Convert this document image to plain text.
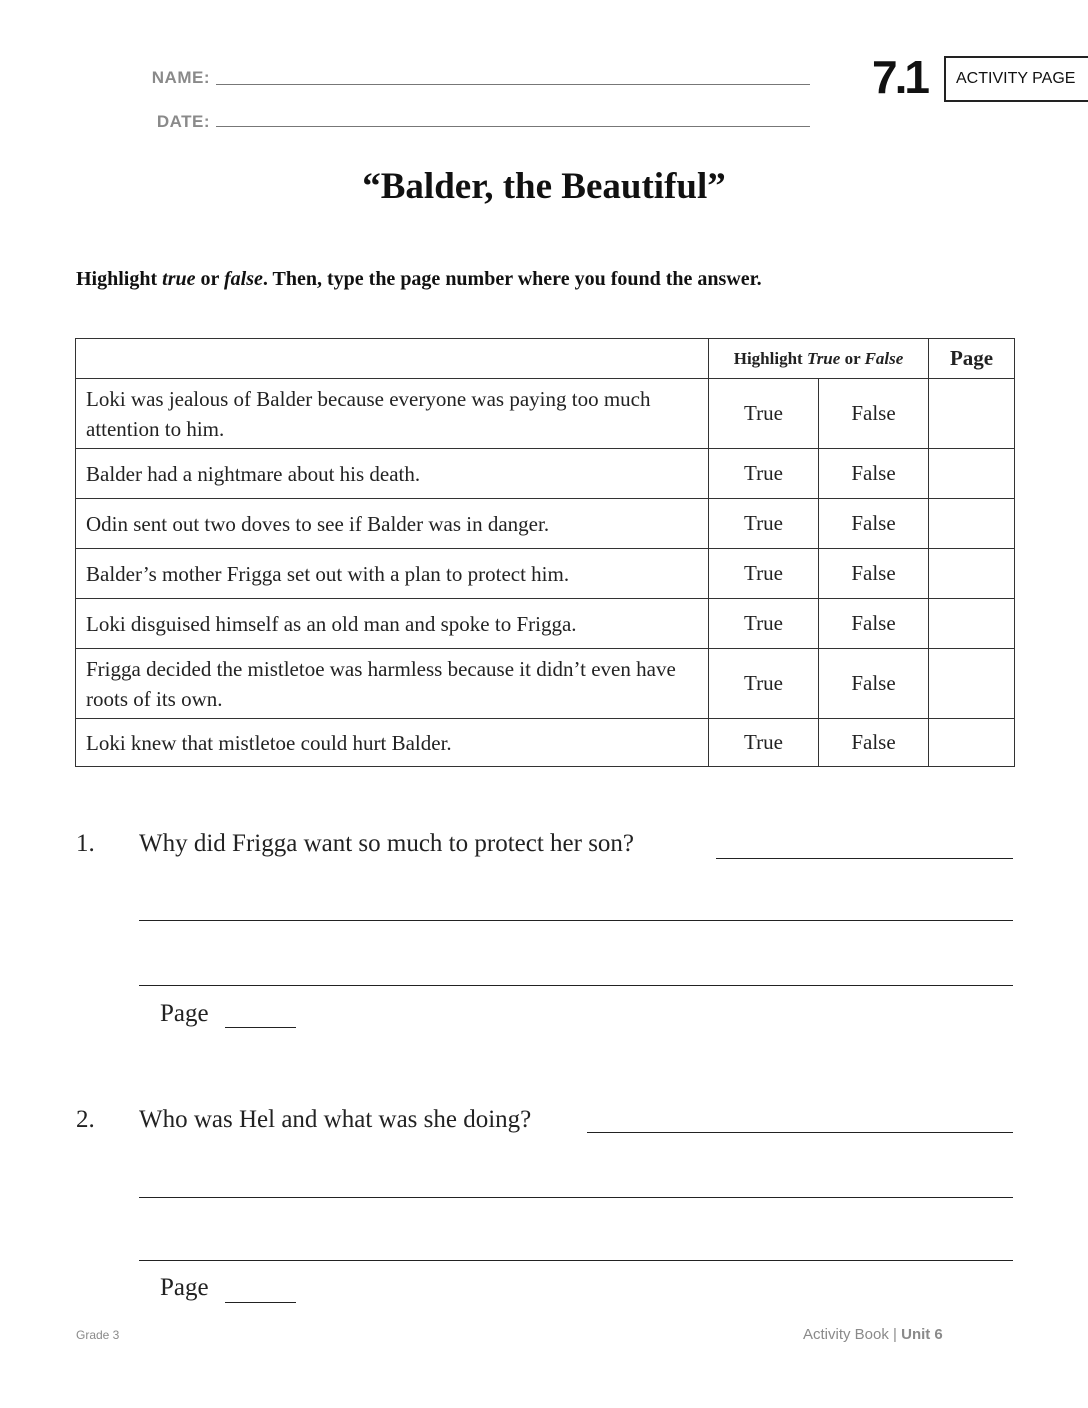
NAME:
DATE:
7.1	ACTIVITY PAGE
“Balder, the Beautiful”
Highlight true or false. Then, type the page number where you found the answer.
	Highlight True or False		Page
Loki was jealous of Balder because everyone was paying too much attention to him.	True	False	
Balder had a nightmare about his death.	True	False	
Odin sent out two doves to see if Balder was in danger.	True	False	
Balder’s mother Frigga set out with a plan to protect him.	True	False	
Loki disguised himself as an old man and spoke to Frigga.	True	False	
Frigga decided the mistletoe was harmless because it didn’t even have roots of its own.	True	False	
Loki knew that mistletoe could hurt Balder.	True	False	
1. Why did Frigga want so much to protect her son?
Page
2. Who was Hel and what was she doing?
Page
Grade 3	Activity Book | Unit 6
